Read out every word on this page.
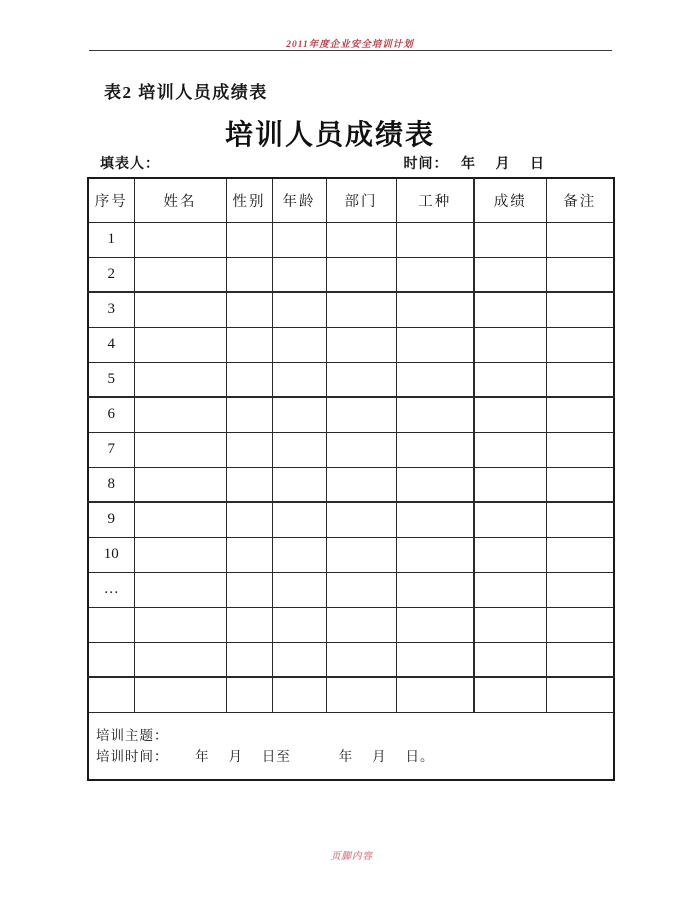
2011年度企业安全培训计划
表2 培训人员成绩表
培训人员成绩表
填表人：	时间：　 年　 月　 日
序号	姓名	性别	年龄	部门	工种	成绩	备注
1							
2							
3							
4							
5							
6							
7							
8							
9							
10							
…							

培训主题：
培训时间：　　 年　 月　 日至　　　 年　 月　 日。							
页脚内容
